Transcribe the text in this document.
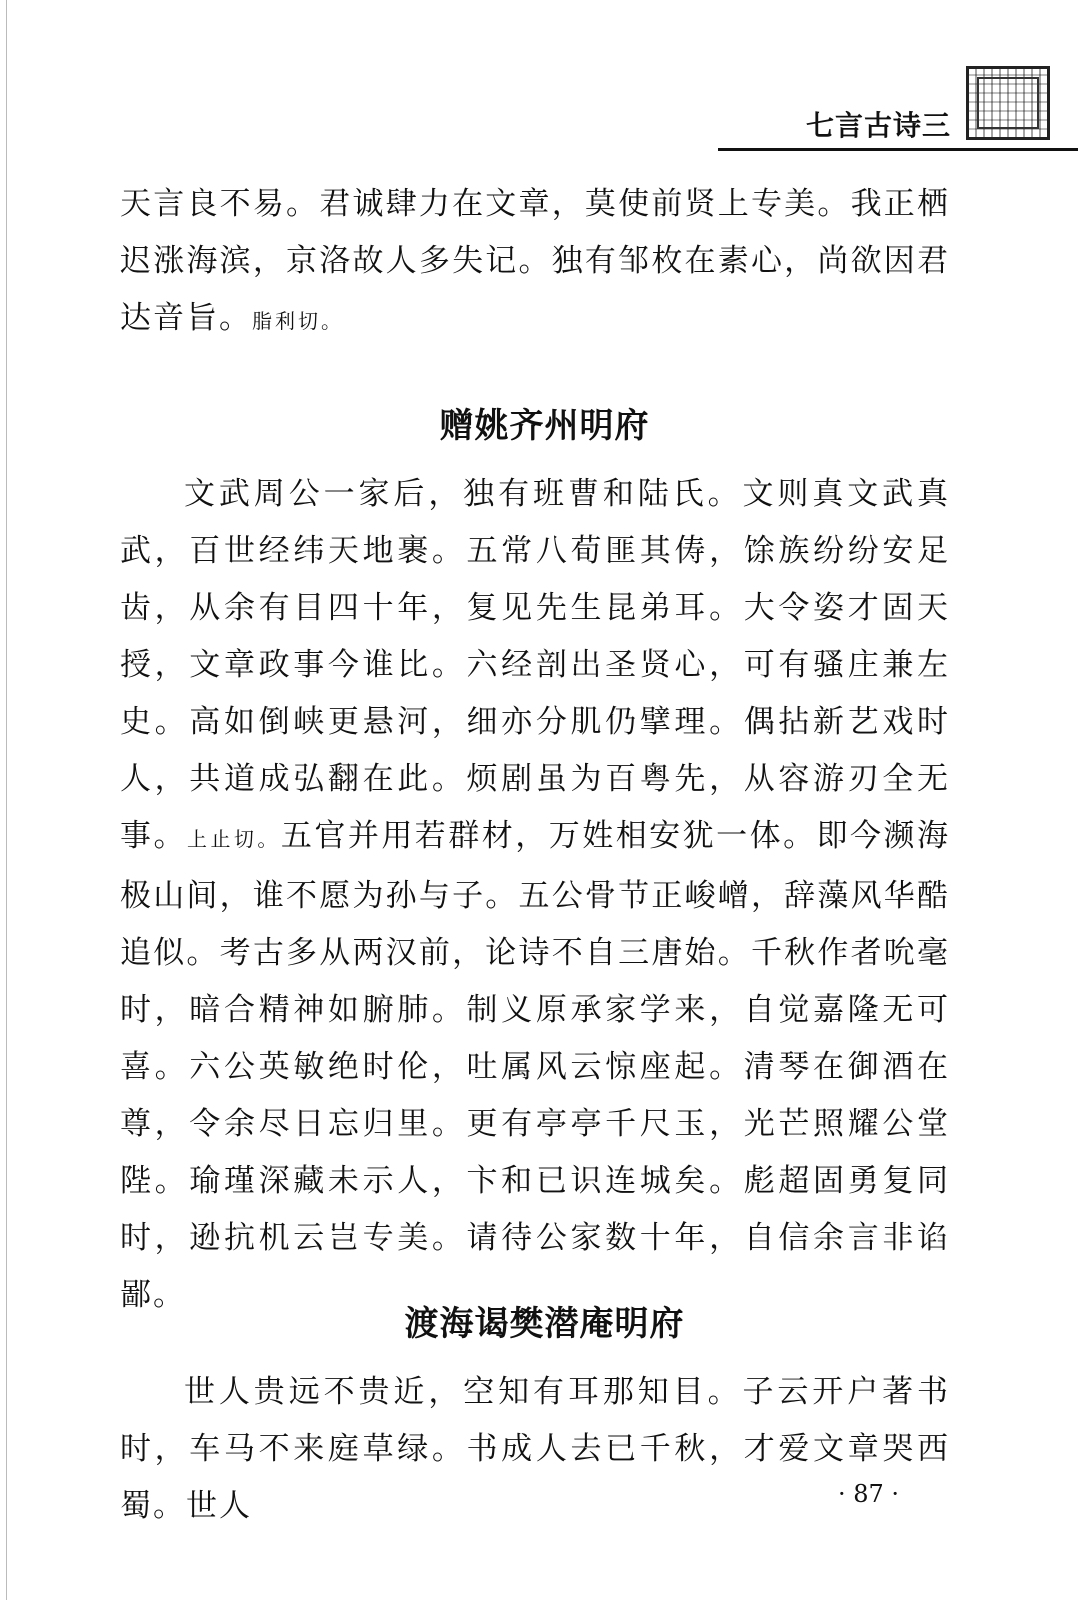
七言古诗三

天言良不易。君诚肆力在文章，莫使前贤上专美。我正栖迟涨海滨，京洛故人多失记。独有邹枚在素心，尚欲因君达音旨。脂利切。

赠姚齐州明府

文武周公一家后，独有班曹和陆氏。文则真文武真武，百世经纬天地裹。五常八荀匪其俦，馀族纷纷安足齿，从余有目四十年，复见先生昆弟耳。大令姿才固天授，文章政事今谁比。六经剖出圣贤心，可有骚庄兼左史。高如倒峡更悬河，细亦分肌仍擘理。偶拈新艺戏时人，共道成弘翻在此。烦剧虽为百粤先，从容游刃全无事。上止切。五官并用若群材，万姓相安犹一体。即今濒海极山间，谁不愿为孙与子。五公骨节正峻嶒，辞藻风华酷追似。考古多从两汉前，论诗不自三唐始。千秋作者吮毫时，暗合精神如腑肺。制义原承家学来，自觉嘉隆无可喜。六公英敏绝时伦，吐属风云惊座起。清琴在御酒在尊，令余尽日忘归里。更有亭亭千尺玉，光芒照耀公堂陛。瑜瑾深藏未示人，卞和已识连城矣。彪超固勇复同时，逊抗机云岂专美。请待公家数十年，自信余言非谄鄙。

渡海谒樊潜庵明府

世人贵远不贵近，空知有耳那知目。子云开户著书时，车马不来庭草绿。书成人去已千秋，才爱文章哭西蜀。世人	· 87 ·
